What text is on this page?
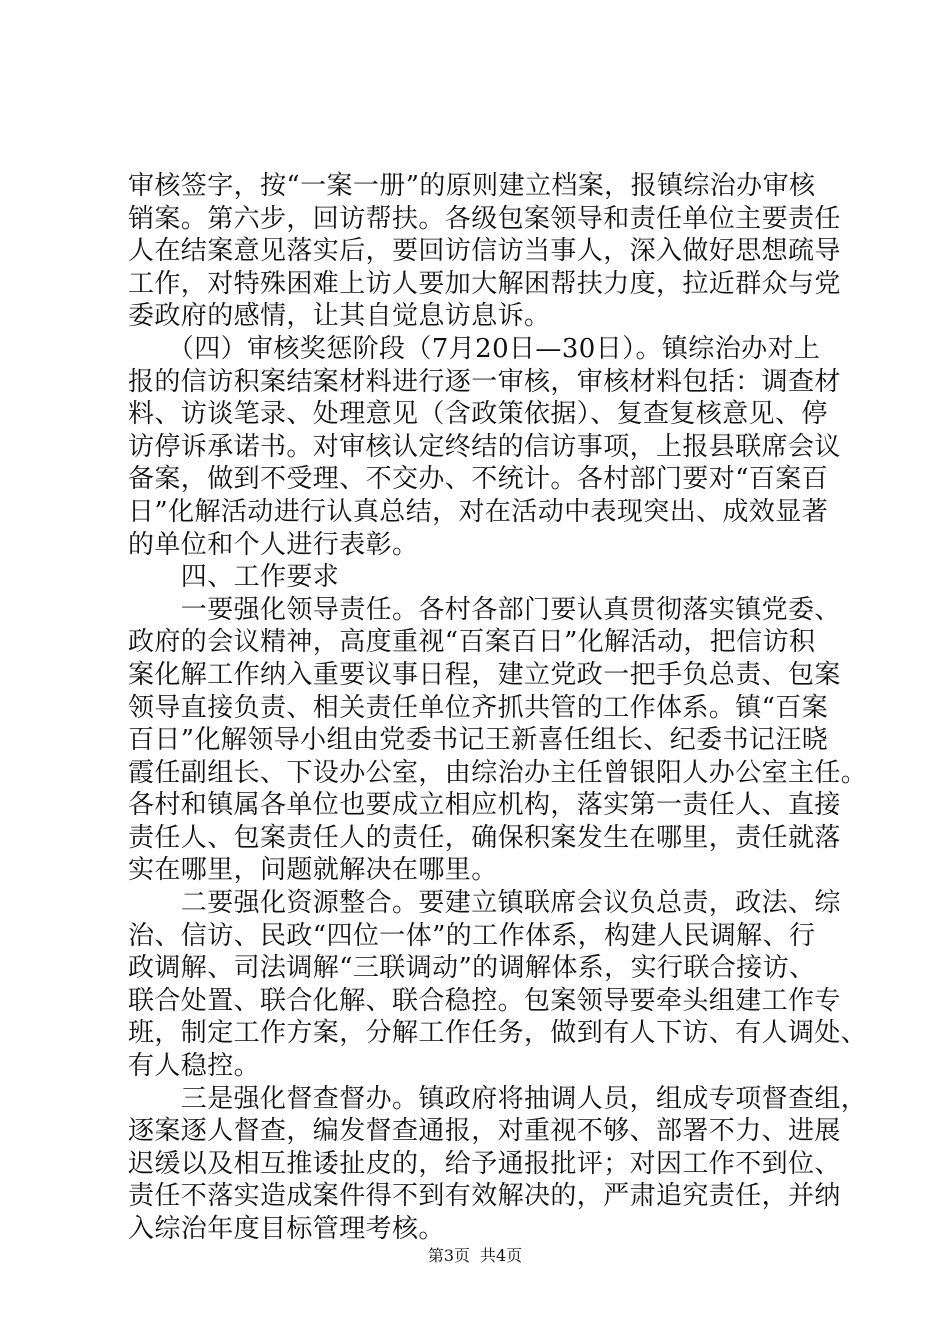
审核签字，按“一案一册”的原则建立档案，报镇综治办审核
销案。第六步，回访帮扶。各级包案领导和责任单位主要责任
人在结案意见落实后，要回访信访当事人，深入做好思想疏导
工作，对特殊困难上访人要加大解困帮扶力度，拉近群众与党
委政府的感情，让其自觉息访息诉。
　　（四）审核奖惩阶段（7月20日—30日）。镇综治办对上
报的信访积案结案材料进行逐一审核，审核材料包括：调查材
料、访谈笔录、处理意见（含政策依据）、复查复核意见、停
访停诉承诺书。对审核认定终结的信访事项，上报县联席会议
备案，做到不受理、不交办、不统计。各村部门要对“百案百
日”化解活动进行认真总结，对在活动中表现突出、成效显著
的单位和个人进行表彰。
　　四、工作要求
　　一要强化领导责任。各村各部门要认真贯彻落实镇党委、
政府的会议精神，高度重视“百案百日”化解活动，把信访积
案化解工作纳入重要议事日程，建立党政一把手负总责、包案
领导直接负责、相关责任单位齐抓共管的工作体系。镇“百案
百日”化解领导小组由党委书记王新喜任组长、纪委书记汪晓
霞任副组长、下设办公室，由综治办主任曾银阳人办公室主任。
各村和镇属各单位也要成立相应机构，落实第一责任人、直接
责任人、包案责任人的责任，确保积案发生在哪里，责任就落
实在哪里，问题就解决在哪里。
　　二要强化资源整合。要建立镇联席会议负总责，政法、综
治、信访、民政“四位一体”的工作体系，构建人民调解、行
政调解、司法调解“三联调动”的调解体系，实行联合接访、
联合处置、联合化解、联合稳控。包案领导要牵头组建工作专
班，制定工作方案，分解工作任务，做到有人下访、有人调处、
有人稳控。
　　三是强化督查督办。镇政府将抽调人员，组成专项督查组，
逐案逐人督查，编发督查通报，对重视不够、部署不力、进展
迟缓以及相互推诿扯皮的，给予通报批评；对因工作不到位、
责任不落实造成案件得不到有效解决的，严肃追究责任，并纳
入综治年度目标管理考核。
第3页 共4页
